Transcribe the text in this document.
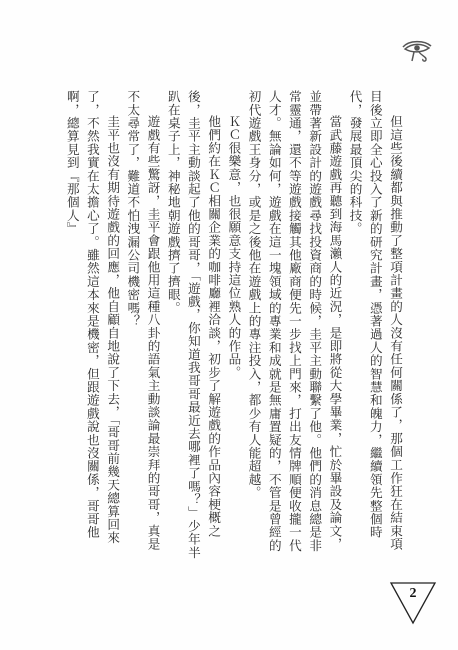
但這些後續都與推動了整項計畫的人沒有任何關係了，那個工作狂在結束項目後立即全心投入了新的研究計畫，憑著過人的智慧和魄力，繼續領先整個時代，發展最頂尖的科技。

當武藤遊戲再聽到海馬瀨人的近況，是即將從大學畢業，忙於畢設及論文，並帶著新設計的遊戲尋找投資商的時候，圭平主動聯繫了他。他們的消息總是非常靈通，還不等遊戲接觸其他廠商便先一步找上門來，打出友情牌順便收攏一代人才。無論如何，遊戲在這一塊領域的專業和成就是無庸置疑的，不管是曾經的初代遊戲王身分，或是之後他在遊戲上的專注投入，都少有人能超越。

ＫＣ很樂意，也很願意支持這位熟人的作品。

他們約在ＫＣ相關企業的咖啡廳裡洽談，初步了解遊戲的作品內容梗概之後，圭平主動談起了他的哥哥，「遊戲，你知道我哥哥最近去哪裡了嗎？」少年半趴在桌子上，神秘地朝遊戲擠了擠眼。

遊戲有些驚訝，圭平會跟他用這種八卦的語氣主動談論最崇拜的哥哥，真是不太尋常了，難道不怕洩漏公司機密嗎？

圭平也沒有期待遊戲的回應，他自顧自地說了下去，「哥哥前幾天總算回來了，不然我實在太擔心了。雖然這本來是機密，但跟遊戲說也沒關係，哥哥他啊，總算見到『那個人』

2
